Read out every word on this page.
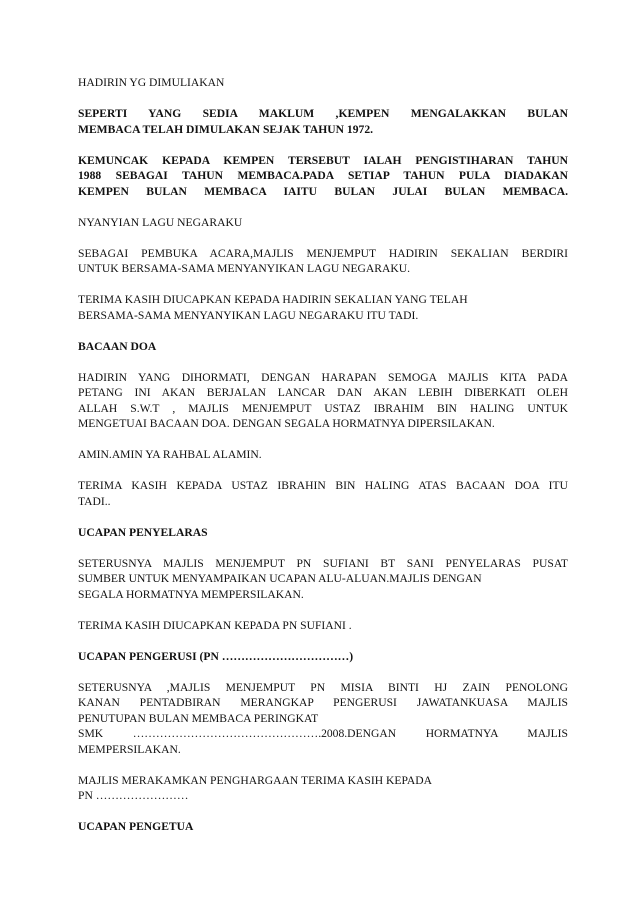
HADIRIN YG DIMULIAKAN
SEPERTI YANG SEDIA MAKLUM ,KEMPEN MENGALAKKAN BULAN
MEMBACA TELAH DIMULAKAN SEJAK TAHUN 1972.
KEMUNCAK KEPADA KEMPEN TERSEBUT IALAH PENGISTIHARAN TAHUN
1988 SEBAGAI TAHUN MEMBACA.PADA SETIAP TAHUN PULA DIADAKAN
KEMPEN BULAN MEMBACA IAITU BULAN JULAI BULAN MEMBACA.
NYANYIAN LAGU NEGARAKU
SEBAGAI PEMBUKA ACARA,MAJLIS MENJEMPUT HADIRIN SEKALIAN BERDIRI
UNTUK BERSAMA-SAMA MENYANYIKAN LAGU NEGARAKU.
TERIMA KASIH DIUCAPKAN KEPADA HADIRIN SEKALIAN YANG TELAH
BERSAMA-SAMA MENYANYIKAN LAGU NEGARAKU ITU TADI.
BACAAN DOA
HADIRIN YANG DIHORMATI, DENGAN HARAPAN SEMOGA MAJLIS KITA PADA
PETANG INI AKAN BERJALAN LANCAR DAN AKAN LEBIH DIBERKATI OLEH
ALLAH S.W.T , MAJLIS MENJEMPUT USTAZ IBRAHIM BIN HALING UNTUK
MENGETUAI BACAAN DOA. DENGAN SEGALA HORMATNYA DIPERSILAKAN.
AMIN.AMIN YA RAHBAL ALAMIN.
TERIMA KASIH KEPADA USTAZ IBRAHIN BIN HALING ATAS BACAAN DOA ITU
TADI..
UCAPAN PENYELARAS
SETERUSNYA MAJLIS MENJEMPUT PN SUFIANI BT SANI PENYELARAS PUSAT
SUMBER UNTUK MENYAMPAIKAN UCAPAN ALU-ALUAN.MAJLIS DENGAN
SEGALA HORMATNYA MEMPERSILAKAN.
TERIMA KASIH DIUCAPKAN KEPADA PN SUFIANI .
UCAPAN PENGERUSI (PN ……………………………)
SETERUSNYA ,MAJLIS MENJEMPUT PN MISIA BINTI HJ ZAIN PENOLONG
KANAN PENTADBIRAN MERANGKAP PENGERUSI JAWATANKUASA MAJLIS
PENUTUPAN BULAN MEMBACA PERINGKAT
SMK ………………………………………….2008.DENGAN HORMATNYA MAJLIS
MEMPERSILAKAN.
MAJLIS MERAKAMKAN PENGHARGAAN TERIMA KASIH KEPADA
PN ……………………
UCAPAN PENGETUA
